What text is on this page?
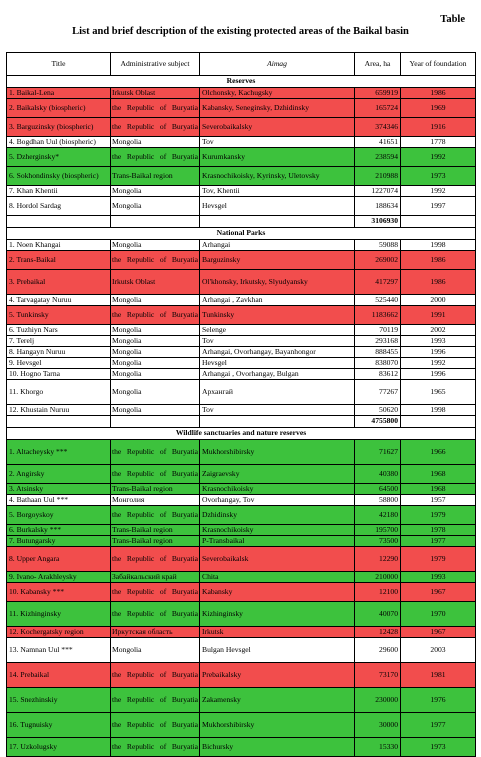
Table
List and brief description of the existing protected areas of the Baikal basin
Title	Administrative subject	Aimag	Area, ha	Year of foundation
Reserves				
1. Baikal-Lena	Irkutsk Oblast	Olchonsky, Kachugsky	659919	1986
2. Baikalsky (biospheric)	the Republic of Buryatia	Kabansky, Seneginsky, Dzhidinsky	165724	1969
3. Barguzinsky (biospheric)	the Republic of Buryatia	Severobaikalsky	374346	1916
4. Bogdhan Uul (biospheric)	Mongolia	Tov	41651	1778
5. Dzherginsky*	the Republic of Buryatia	Kurumkansky	238594	1992
6. Sokhondinsky (biospheric)	Trans-Baikal region	Krasnochikoisky, Kyrinsky, Uletovsky	210988	1973
7. Khan Khentii	Mongolia	Tov, Khentii	1227074	1992
8. Hordol Sardag	Mongolia	Hevsgel	188634	1997
			3106930	
National Parks				
1. Noen Khangai	Mongolia	Arhangai	59088	1998
2. Trans-Baikal	the Republic of Buryatia	Barguzinsky	269002	1986
3. Prebaikal	Irkutsk Oblast	Ol'khonsky, Irkutsky, Slyudyansky	417297	1986
4. Tarvagatay Nuruu	Mongolia	Arhangai , Zavkhan	525440	2000
5. Tunkinsky	the Republic of Buryatia	Tunkinsky	1183662	1991
6. Tuzhiyn Nars	Mongolia	Selenge	70119	2002
7. Terelj	Mongolia	Tov	293168	1993
8. Hangayn Nuruu	Mongolia	Arhangai, Ovorhangay, Bayanhongor	888455	1996
9. Hevsgel	Mongolia	Hevsgel	838070	1992
10. Hogno Tarna	Mongolia	Arhangai , Ovorhangay, Bulgan	83612	1996
11. Khorgo	Mongolia	Архангай	77267	1965
12. Khustain Nuruu	Mongolia	Tov	50620	1998
			4755800	
Wildlife sanctuaries and nature reserves				
1. Altacheysky ***	the Republic of Buryatia	Mukhorshibirsky	71627	1966
2. Angirsky	the Republic of Buryatia	Zaigraevsky	40380	1968
3. Atsinsky	Trans-Baikal region	Krasnochikoisky	64500	1968
4. Bathaan Uul ***	Монголия	Ovorhangay, Tov	58800	1957
5. Borgoyskoy	the Republic of Buryatia	Dzhidinsky	42180	1979
6. Burkalsky ***	Trans-Baikal region	Krasnochikoisky	195700	1978
7. Butungarsky	Trans-Baikal region	P-Transbaikal	73500	1977
8. Upper Angara	the Republic of Buryatia	Severobaikalsk	12290	1979
9. Ivano- Arakhleysky	Забайкальский край	Chita	210000	1993
10. Kabansky ***	the Republic of Buryatia	Kabansky	12100	1967
11. Kizhinginsky	the Republic of Buryatia	Kizhinginsky	40070	1970
12. Kochergatsky region	Иркутская область	Irkutsk	12428	1967
13. Namnan Uul ***	Mongolia	Bulgan Hevsgel	29600	2003
14. Prebaikal	the Republic of Buryatia	Prebaikalsky	73170	1981
15. Snezhinskiy	the Republic of Buryatia	Zakamensky	230000	1976
16. Tugnuisky	the Republic of Buryatia	Mukhorshibirsky	30000	1977
17. Uzkolugsky	the Republic of Buryatia	Bichursky	15330	1973
